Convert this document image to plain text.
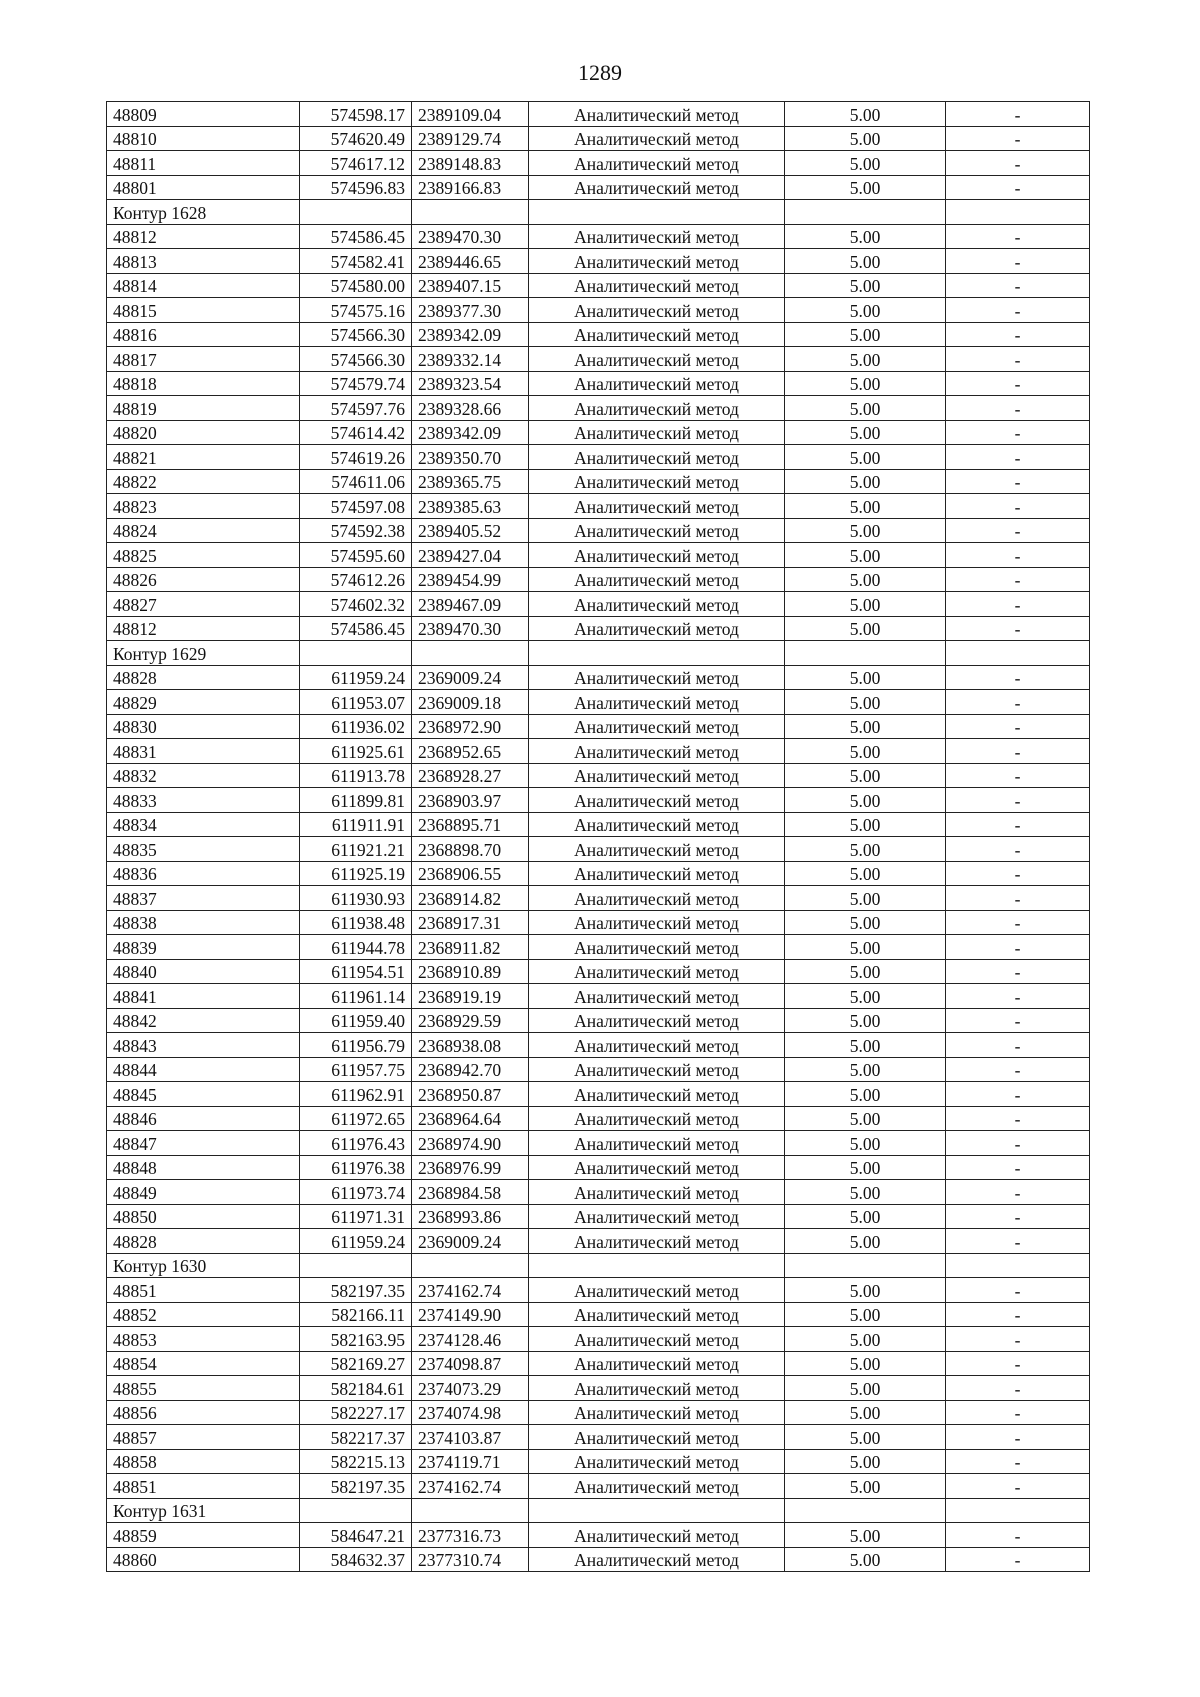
1289
48809	574598.17	2389109.04	Аналитический метод	5.00	-
48810	574620.49	2389129.74	Аналитический метод	5.00	-
48811	574617.12	2389148.83	Аналитический метод	5.00	-
48801	574596.83	2389166.83	Аналитический метод	5.00	-
Контур 1628					
48812	574586.45	2389470.30	Аналитический метод	5.00	-
48813	574582.41	2389446.65	Аналитический метод	5.00	-
48814	574580.00	2389407.15	Аналитический метод	5.00	-
48815	574575.16	2389377.30	Аналитический метод	5.00	-
48816	574566.30	2389342.09	Аналитический метод	5.00	-
48817	574566.30	2389332.14	Аналитический метод	5.00	-
48818	574579.74	2389323.54	Аналитический метод	5.00	-
48819	574597.76	2389328.66	Аналитический метод	5.00	-
48820	574614.42	2389342.09	Аналитический метод	5.00	-
48821	574619.26	2389350.70	Аналитический метод	5.00	-
48822	574611.06	2389365.75	Аналитический метод	5.00	-
48823	574597.08	2389385.63	Аналитический метод	5.00	-
48824	574592.38	2389405.52	Аналитический метод	5.00	-
48825	574595.60	2389427.04	Аналитический метод	5.00	-
48826	574612.26	2389454.99	Аналитический метод	5.00	-
48827	574602.32	2389467.09	Аналитический метод	5.00	-
48812	574586.45	2389470.30	Аналитический метод	5.00	-
Контур 1629					
48828	611959.24	2369009.24	Аналитический метод	5.00	-
48829	611953.07	2369009.18	Аналитический метод	5.00	-
48830	611936.02	2368972.90	Аналитический метод	5.00	-
48831	611925.61	2368952.65	Аналитический метод	5.00	-
48832	611913.78	2368928.27	Аналитический метод	5.00	-
48833	611899.81	2368903.97	Аналитический метод	5.00	-
48834	611911.91	2368895.71	Аналитический метод	5.00	-
48835	611921.21	2368898.70	Аналитический метод	5.00	-
48836	611925.19	2368906.55	Аналитический метод	5.00	-
48837	611930.93	2368914.82	Аналитический метод	5.00	-
48838	611938.48	2368917.31	Аналитический метод	5.00	-
48839	611944.78	2368911.82	Аналитический метод	5.00	-
48840	611954.51	2368910.89	Аналитический метод	5.00	-
48841	611961.14	2368919.19	Аналитический метод	5.00	-
48842	611959.40	2368929.59	Аналитический метод	5.00	-
48843	611956.79	2368938.08	Аналитический метод	5.00	-
48844	611957.75	2368942.70	Аналитический метод	5.00	-
48845	611962.91	2368950.87	Аналитический метод	5.00	-
48846	611972.65	2368964.64	Аналитический метод	5.00	-
48847	611976.43	2368974.90	Аналитический метод	5.00	-
48848	611976.38	2368976.99	Аналитический метод	5.00	-
48849	611973.74	2368984.58	Аналитический метод	5.00	-
48850	611971.31	2368993.86	Аналитический метод	5.00	-
48828	611959.24	2369009.24	Аналитический метод	5.00	-
Контур 1630					
48851	582197.35	2374162.74	Аналитический метод	5.00	-
48852	582166.11	2374149.90	Аналитический метод	5.00	-
48853	582163.95	2374128.46	Аналитический метод	5.00	-
48854	582169.27	2374098.87	Аналитический метод	5.00	-
48855	582184.61	2374073.29	Аналитический метод	5.00	-
48856	582227.17	2374074.98	Аналитический метод	5.00	-
48857	582217.37	2374103.87	Аналитический метод	5.00	-
48858	582215.13	2374119.71	Аналитический метод	5.00	-
48851	582197.35	2374162.74	Аналитический метод	5.00	-
Контур 1631					
48859	584647.21	2377316.73	Аналитический метод	5.00	-
48860	584632.37	2377310.74	Аналитический метод	5.00	-
